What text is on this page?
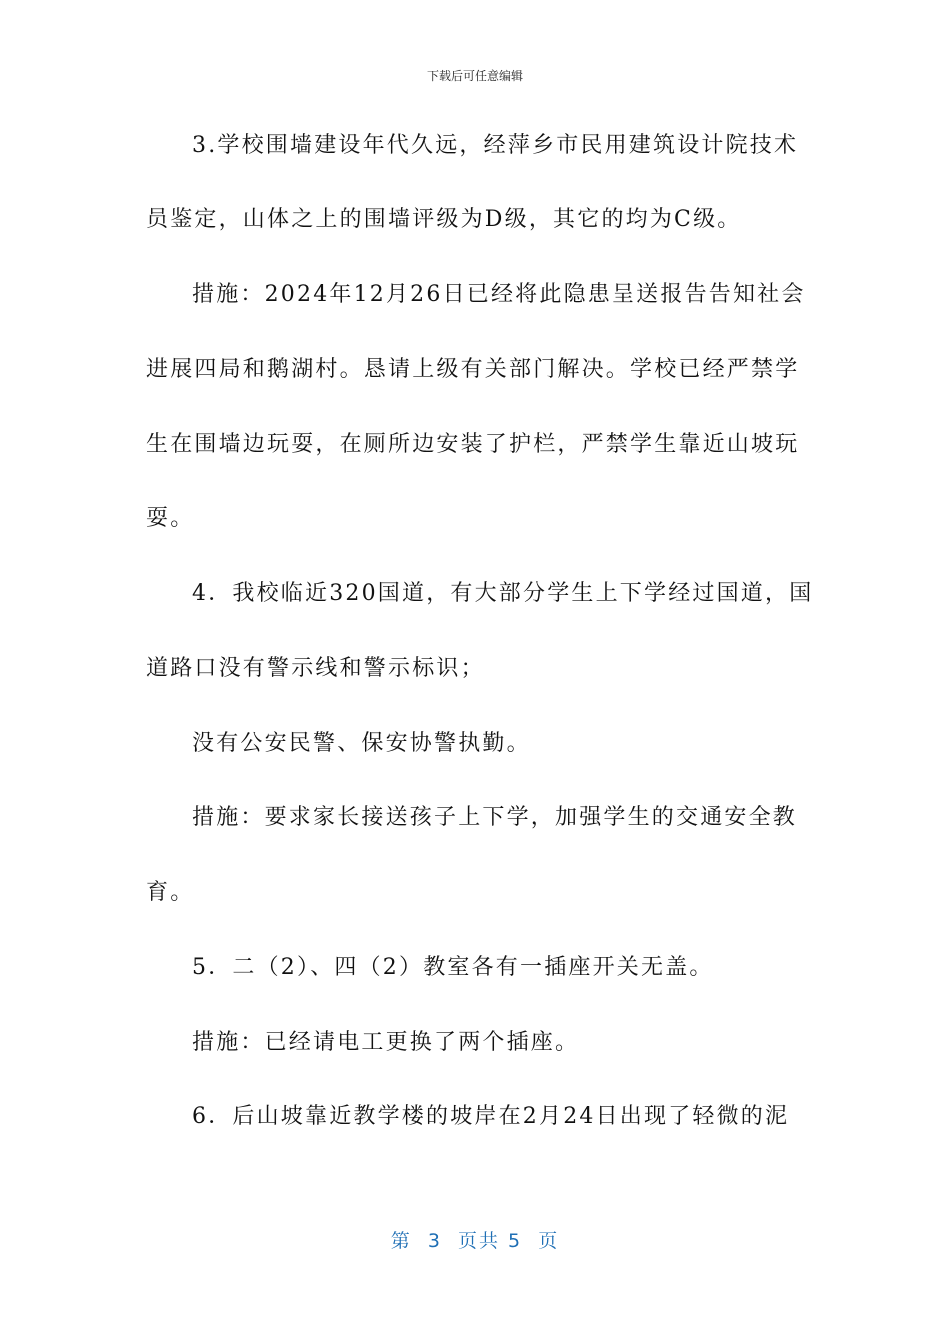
下载后可任意编辑
3.学校围墙建设年代久远，经萍乡市民用建筑设计院技术
员鉴定，山体之上的围墙评级为D级，其它的均为C级。
措施：2024年12月26日已经将此隐患呈送报告告知社会
进展四局和鹅湖村。恳请上级有关部门解决。学校已经严禁学
生在围墙边玩耍，在厕所边安装了护栏，严禁学生靠近山坡玩
耍。
4．我校临近320国道，有大部分学生上下学经过国道，国
道路口没有警示线和警示标识；
没有公安民警、保安协警执勤。
措施：要求家长接送孩子上下学，加强学生的交通安全教
育。
5．二（2）、四（2）教室各有一插座开关无盖。
措施：已经请电工更换了两个插座。
6．后山坡靠近教学楼的坡岸在2月24日出现了轻微的泥
第  3  页共 5  页
